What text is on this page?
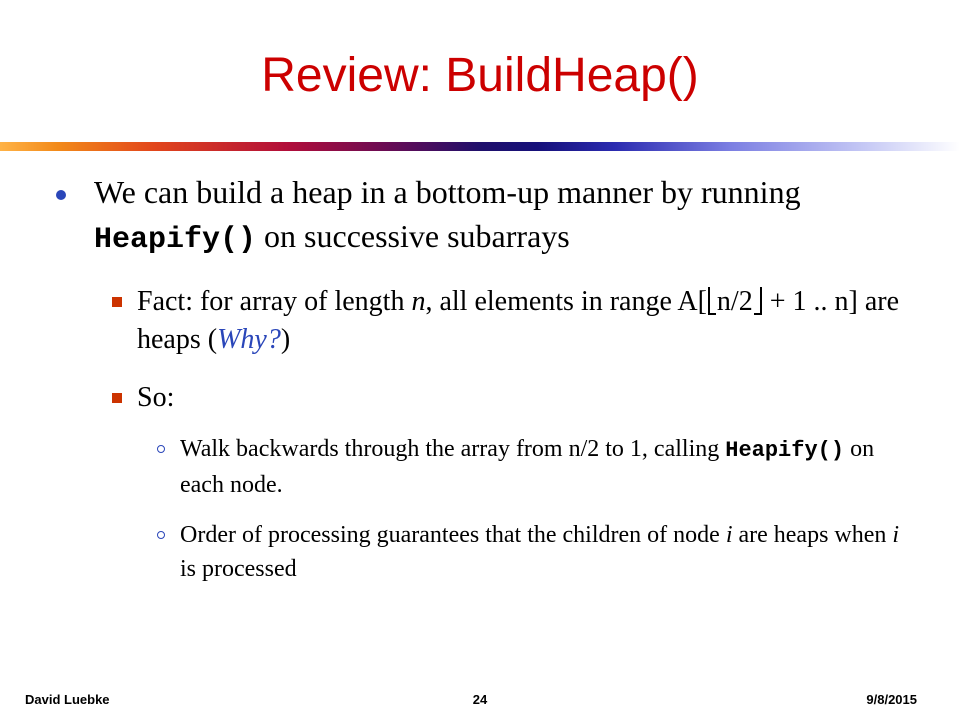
Review: BuildHeap()
We can build a heap in a bottom-up manner by running Heapify() on successive subarrays
Fact: for array of length n, all elements in range A[ n/2 + 1 .. n] are heaps (Why?)
So:
Walk backwards through the array from n/2 to 1, calling Heapify() on each node.
Order of processing guarantees that the children of node i are heaps when i is processed
David Luebke	24	9/8/2015
